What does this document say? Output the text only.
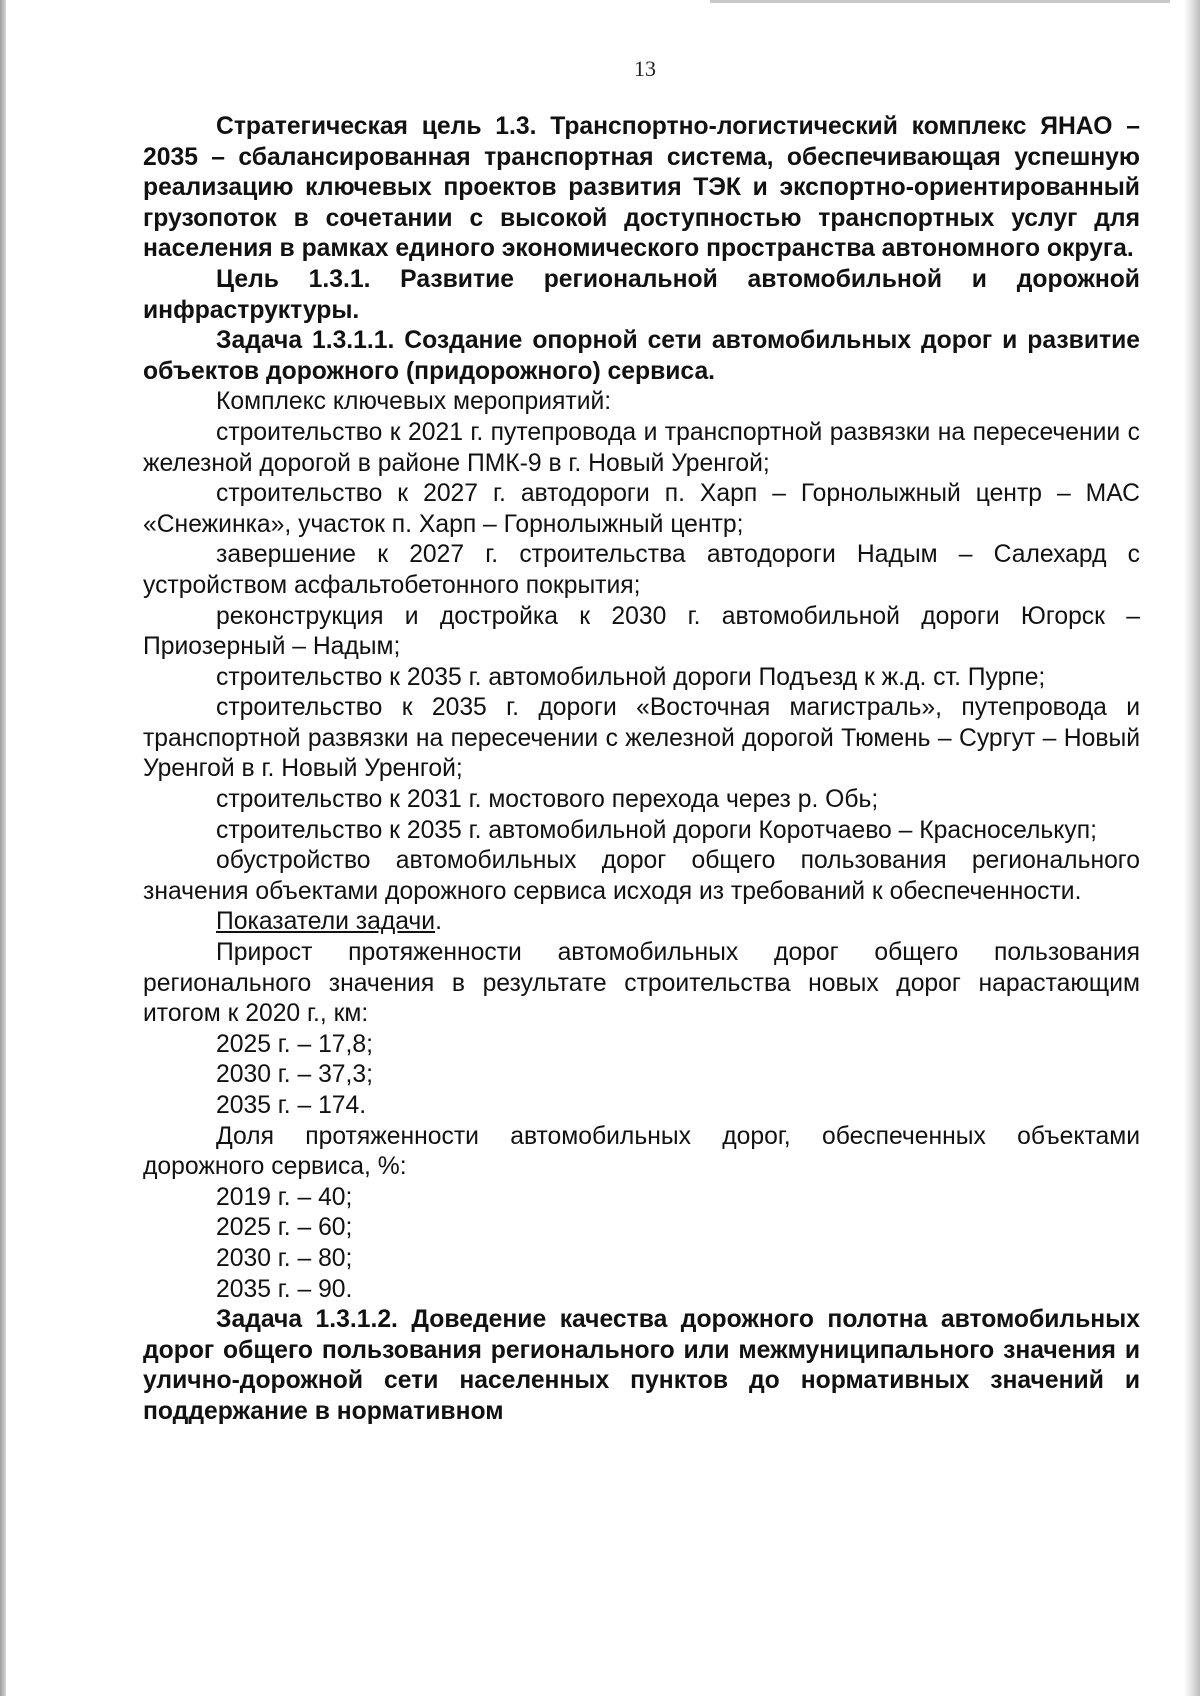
13

Стратегическая цель 1.3. Транспортно-логистический комплекс ЯНАО – 2035 – сбалансированная транспортная система, обеспечивающая успешную реализацию ключевых проектов развития ТЭК и экспортно-ориентированный грузопоток в сочетании с высокой доступностью транспортных услуг для населения в рамках единого экономического пространства автономного округа.

Цель 1.3.1. Развитие региональной автомобильной и дорожной инфраструктуры.

Задача 1.3.1.1. Создание опорной сети автомобильных дорог и развитие объектов дорожного (придорожного) сервиса.

Комплекс ключевых мероприятий:

строительство к 2021 г. путепровода и транспортной развязки на пересечении с железной дорогой в районе ПМК-9 в г. Новый Уренгой;

строительство к 2027 г. автодороги п. Харп – Горнолыжный центр – МАС «Снежинка», участок п. Харп – Горнолыжный центр;

завершение к 2027 г. строительства автодороги Надым – Салехард с устройством асфальтобетонного покрытия;

реконструкция и достройка к 2030 г. автомобильной дороги Югорск – Приозерный – Надым;

строительство к 2035 г. автомобильной дороги Подъезд к ж.д. ст. Пурпе;

строительство к 2035 г. дороги «Восточная магистраль», путепровода и транспортной развязки на пересечении с железной дорогой Тюмень – Сургут – Новый Уренгой в г. Новый Уренгой;

строительство к 2031 г. мостового перехода через р. Обь;

строительство к 2035 г. автомобильной дороги Коротчаево – Красноселькуп;

обустройство автомобильных дорог общего пользования регионального значения объектами дорожного сервиса исходя из требований к обеспеченности.

Показатели задачи.

Прирост протяженности автомобильных дорог общего пользования регионального значения в результате строительства новых дорог нарастающим итогом к 2020 г., км:

2025 г. – 17,8;

2030 г. – 37,3;

2035 г. – 174.

Доля протяженности автомобильных дорог, обеспеченных объектами дорожного сервиса, %:

2019 г. – 40;

2025 г. – 60;

2030 г. – 80;

2035 г. – 90.

Задача 1.3.1.2. Доведение качества дорожного полотна автомобильных дорог общего пользования регионального или межмуниципального значения и улично-дорожной сети населенных пунктов до нормативных значений и поддержание в нормативном
